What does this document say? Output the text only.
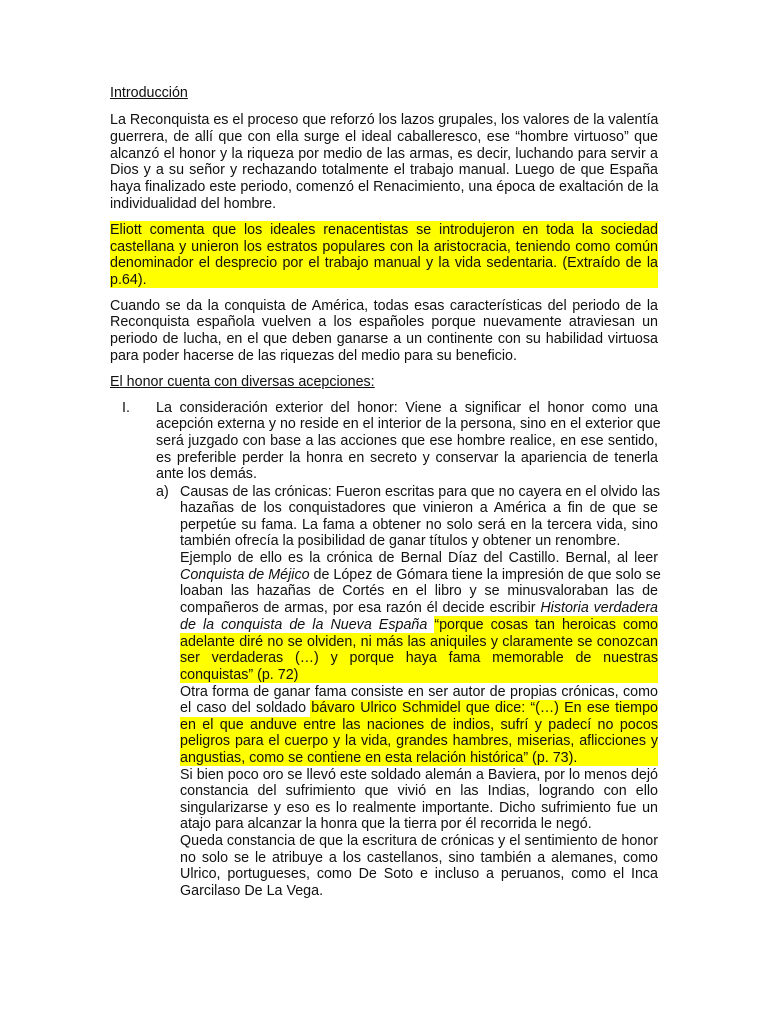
Introducción
La Reconquista es el proceso que reforzó los lazos grupales, los valores de la valentía
guerrera, de allí que con ella surge el ideal caballeresco, ese “hombre virtuoso” que
alcanzó el honor y la riqueza por medio de las armas, es decir, luchando para servir a
Dios y a su señor y rechazando totalmente el trabajo manual. Luego de que España
haya finalizado este periodo, comenzó el Renacimiento, una época de exaltación de la
individualidad del hombre.
Eliott comenta que los ideales renacentistas se introdujeron en toda la sociedad
castellana y unieron los estratos populares con la aristocracia, teniendo como común
denominador el desprecio por el trabajo manual y la vida sedentaria. (Extraído de la
p.64).
Cuando se da la conquista de América, todas esas características del periodo de la
Reconquista española vuelven a los españoles porque nuevamente atraviesan un
periodo de lucha, en el que deben ganarse a un continente con su habilidad virtuosa
para poder hacerse de las riquezas del medio para su beneficio.
El honor cuenta con diversas acepciones:
I. La consideración exterior del honor: Viene a significar el honor como una
acepción externa y no reside en el interior de la persona, sino en el exterior que
será juzgado con base a las acciones que ese hombre realice, en ese sentido,
es preferible perder la honra en secreto y conservar la apariencia de tenerla
ante los demás.
a) Causas de las crónicas: Fueron escritas para que no cayera en el olvido las
hazañas de los conquistadores que vinieron a América a fin de que se
perpetúe su fama. La fama a obtener no solo será en la tercera vida, sino
también ofrecía la posibilidad de ganar títulos y obtener un renombre.
Ejemplo de ello es la crónica de Bernal Díaz del Castillo. Bernal, al leer
Conquista de Méjico de López de Gómara tiene la impresión de que solo se
loaban las hazañas de Cortés en el libro y se minusvaloraban las de
compañeros de armas, por esa razón él decide escribir Historia verdadera
de la conquista de la Nueva España “porque cosas tan heroicas como
adelante diré no se olviden, ni más las aniquiles y claramente se conozcan
ser verdaderas (…) y porque haya fama memorable de nuestras
conquistas” (p. 72)
Otra forma de ganar fama consiste en ser autor de propias crónicas, como
el caso del soldado bávaro Ulrico Schmidel que dice: “(…) En ese tiempo
en el que anduve entre las naciones de indios, sufrí y padecí no pocos
peligros para el cuerpo y la vida, grandes hambres, miserias, aflicciones y
angustias, como se contiene en esta relación histórica” (p. 73).
Si bien poco oro se llevó este soldado alemán a Baviera, por lo menos dejó
constancia del sufrimiento que vivió en las Indias, logrando con ello
singularizarse y eso es lo realmente importante. Dicho sufrimiento fue un
atajo para alcanzar la honra que la tierra por él recorrida le negó.
Queda constancia de que la escritura de crónicas y el sentimiento de honor
no solo se le atribuye a los castellanos, sino también a alemanes, como
Ulrico, portugueses, como De Soto e incluso a peruanos, como el Inca
Garcilaso De La Vega.
